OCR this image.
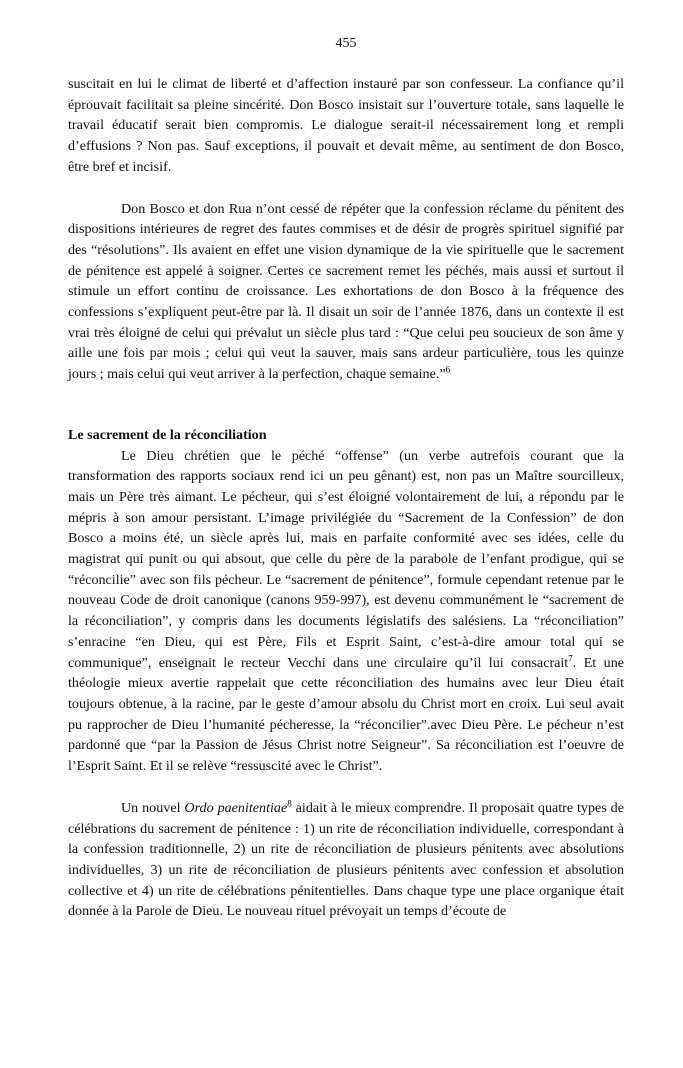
455

suscitait en lui le climat de liberté et d’affection instauré par son confesseur. La confiance qu’il éprouvait facilitait sa pleine sincérité. Don Bosco insistait sur l’ouverture totale, sans laquelle le travail éducatif serait bien compromis. Le dialogue serait-il nécessairement long et rempli d’effusions ? Non pas. Sauf exceptions, il pouvait et devait même, au sentiment de don Bosco, être bref et incisif.

Don Bosco et don Rua n’ont cessé de répéter que la confession réclame du pénitent des dispositions intérieures de regret des fautes commises et de désir de progrès spirituel signifié par des “résolutions”. Ils avaient en effet une vision dynamique de la vie spirituelle que le sacrement de pénitence est appelé à soigner. Certes ce sacrement remet les péchés, mais aussi et surtout il stimule un effort continu de croissance. Les exhortations de don Bosco à la fréquence des confessions s’expliquent peut-être par là. Il disait un soir de l’année 1876, dans un contexte il est vrai très éloigné de celui qui prévalut un siècle plus tard : “Que celui peu soucieux de son âme y aille une fois par mois ; celui qui veut la sauver, mais sans ardeur particulière, tous les quinze jours ; mais celui qui veut arriver à la perfection, chaque semaine.”$^6$

Le sacrement de la réconciliation

Le Dieu chrétien que le péché “offense” (un verbe autrefois courant que la transformation des rapports sociaux rend ici un peu gênant) est, non pas un Maître sourcilleux, mais un Père très aimant. Le pécheur, qui s’est éloigné volontairement de lui, a répondu par le mépris à son amour persistant. L’image privilégiée du “Sacrement de la Confession” de don Bosco a moins été, un siècle après lui, mais en parfaite conformité avec ses idées, celle du magistrat qui punit ou qui absout, que celle du père de la parabole de l’enfant prodigue, qui se “réconcilie” avec son fils pécheur. Le “sacrement de pénitence”, formule cependant retenue par le nouveau Code de droit canonique (canons 959-997), est devenu communément le “sacrement de la réconciliation”, y compris dans les documents législatifs des salésiens. La “réconciliation” s’enracine “en Dieu, qui est Père, Fils et Esprit Saint, c’est-à-dire amour total qui se communique”, enseignait le recteur Vecchi dans une circulaire qu’il lui consacrait$^7$. Et une théologie mieux avertie rappelait que cette réconciliation des humains avec leur Dieu était toujours obtenue, à la racine, par le geste d’amour absolu du Christ mort en croix. Lui seul avait pu rapprocher de Dieu l’humanité pécheresse, la “réconcilier”.avec Dieu Père. Le pécheur n’est pardonné que “par la Passion de Jésus Christ notre Seigneur”. Sa réconciliation est l’oeuvre de l’Esprit Saint. Et il se relève “ressuscité avec le Christ”.

Un nouvel Ordo paenitentiae$^8$ aidait à le mieux comprendre. Il proposait quatre types de célébrations du sacrement de pénitence : 1) un rite de réconciliation individuelle, correspondant à la confession traditionnelle, 2) un rite de réconciliation de plusieurs pénitents avec absolutions individuelles, 3) un rite de réconciliation de plusieurs pénitents avec confession et absolution collective et 4) un rite de célébrations pénitentielles. Dans chaque type une place organique était donnée à la Parole de Dieu. Le nouveau rituel prévoyait un temps d’écoute de
